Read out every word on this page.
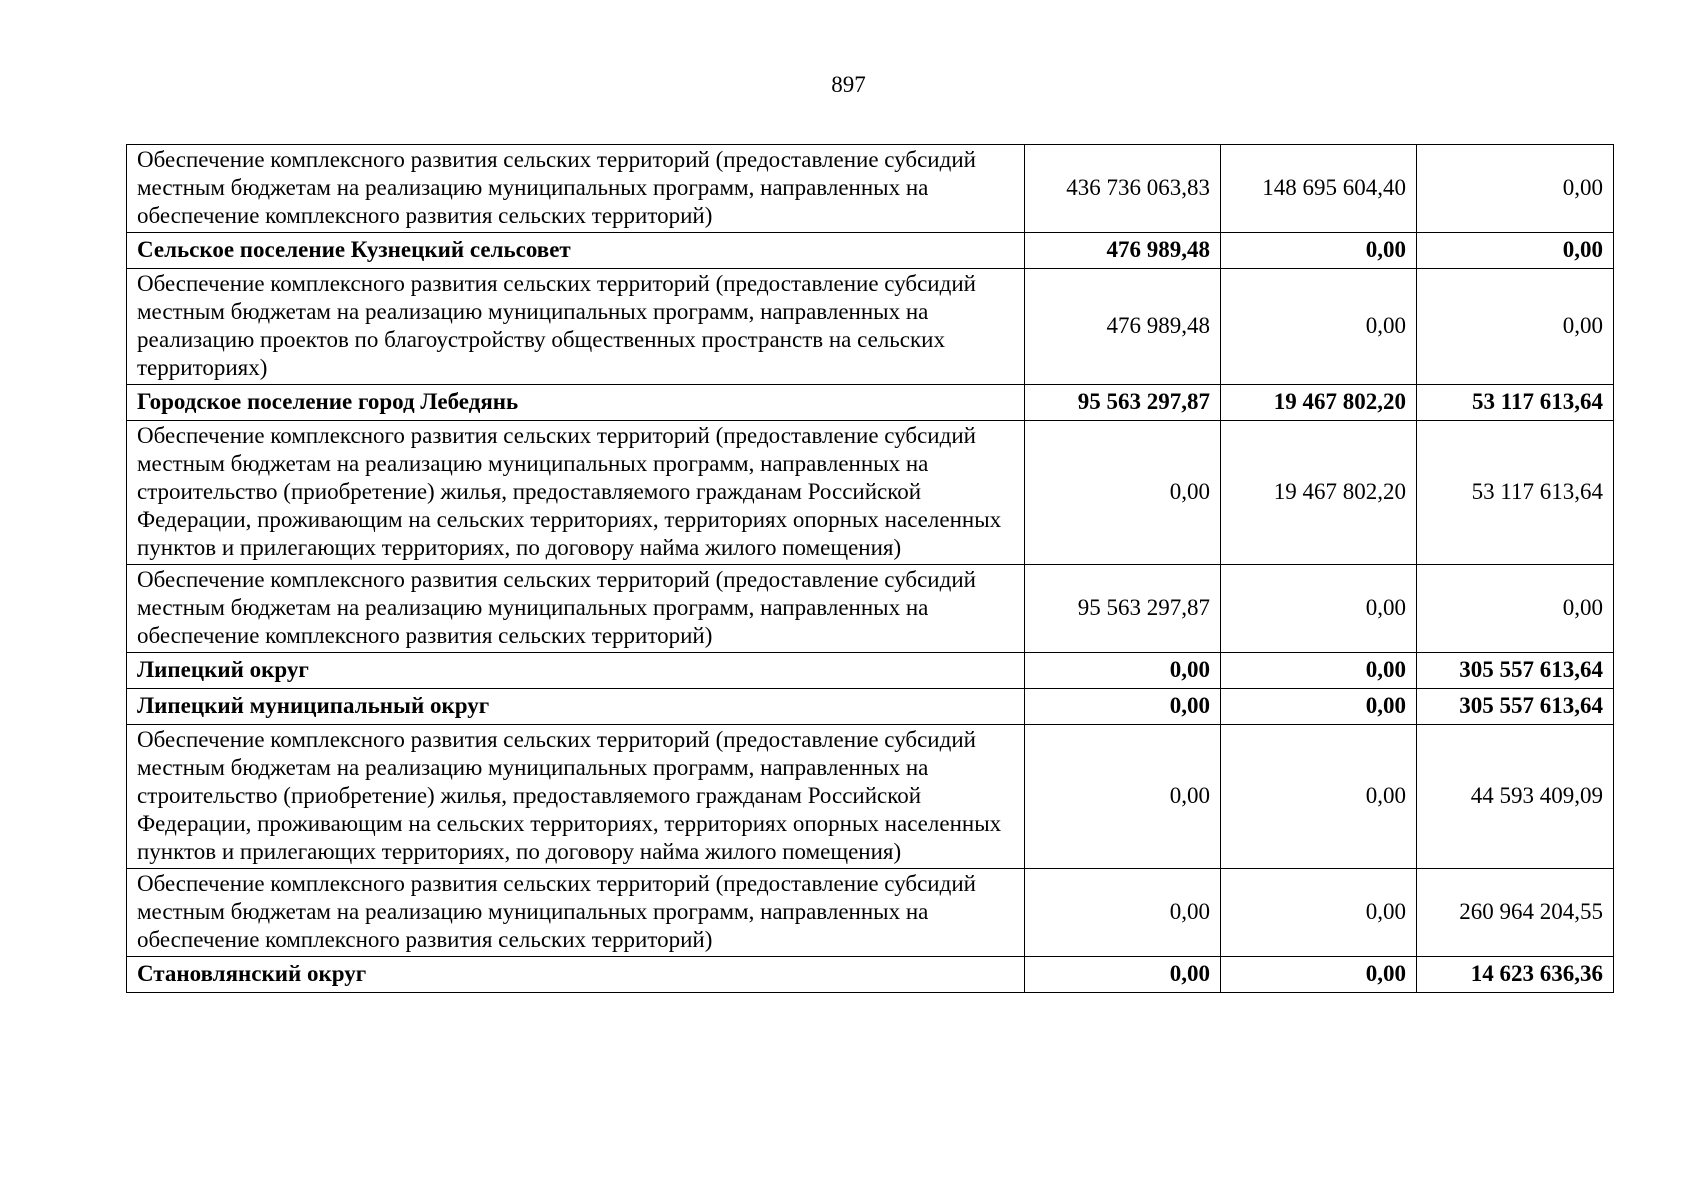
897
Обеспечение комплексного развития сельских территорий (предоставление субсидий местным бюджетам на реализацию муниципальных программ, направленных на обеспечение комплексного развития сельских территорий)	436 736 063,83	148 695 604,40	0,00
Сельское поселение Кузнецкий сельсовет	476 989,48	0,00	0,00
Обеспечение комплексного развития сельских территорий (предоставление субсидий местным бюджетам на реализацию муниципальных программ, направленных на реализацию проектов по благоустройству общественных пространств на сельских территориях)	476 989,48	0,00	0,00
Городское поселение город Лебедянь	95 563 297,87	19 467 802,20	53 117 613,64
Обеспечение комплексного развития сельских территорий (предоставление субсидий местным бюджетам на реализацию муниципальных программ, направленных на строительство (приобретение) жилья, предоставляемого гражданам Российской Федерации, проживающим на сельских территориях, территориях опорных населенных пунктов и прилегающих территориях, по договору найма жилого помещения)	0,00	19 467 802,20	53 117 613,64
Обеспечение комплексного развития сельских территорий (предоставление субсидий местным бюджетам на реализацию муниципальных программ, направленных на обеспечение комплексного развития сельских территорий)	95 563 297,87	0,00	0,00
Липецкий округ	0,00	0,00	305 557 613,64
Липецкий муниципальный округ	0,00	0,00	305 557 613,64
Обеспечение комплексного развития сельских территорий (предоставление субсидий местным бюджетам на реализацию муниципальных программ, направленных на строительство (приобретение) жилья, предоставляемого гражданам Российской Федерации, проживающим на сельских территориях, территориях опорных населенных пунктов и прилегающих территориях, по договору найма жилого помещения)	0,00	0,00	44 593 409,09
Обеспечение комплексного развития сельских территорий (предоставление субсидий местным бюджетам на реализацию муниципальных программ, направленных на обеспечение комплексного развития сельских территорий)	0,00	0,00	260 964 204,55
Становлянский округ	0,00	0,00	14 623 636,36
